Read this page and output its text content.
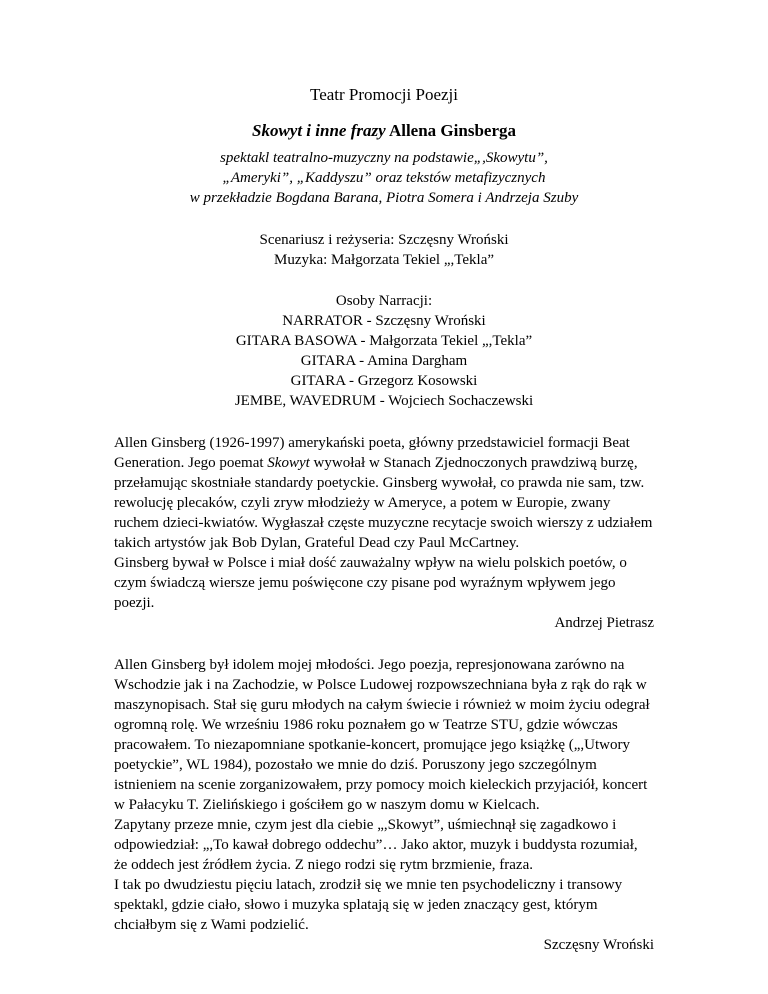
Teatr Promocji Poezji

Skowyt i inne frazy Allena Ginsberga

spektakl teatralno-muzyczny na podstawie„,Skowytu”,

„Ameryki”, „Kaddyszu” oraz tekstów metafizycznych

w przekładzie Bogdana Barana, Piotra Somera i Andrzeja Szuby

Scenariusz i reżyseria: Szczęsny Wroński
Muzyka: Małgorzata Tekiel „,Tekla”
Osoby Narracji:
NARRATOR - Szczęsny Wroński
GITARA BASOWA - Małgorzata Tekiel „,Tekla”
GITARA - Amina Dargham
GITARA - Grzegorz Kosowski
JEMBE, WAVEDRUM - Wojciech Sochaczewski

Allen Ginsberg (1926-1997) amerykański poeta, główny przedstawiciel formacji Beat Generation. Jego poemat Skowyt wywołał w Stanach Zjednoczonych prawdziwą burzę, przełamując skostniałe standardy poetyckie. Ginsberg wywołał, co prawda nie sam, tzw. rewolucję plecaków, czyli zryw młodzieży w Ameryce, a potem w Europie, zwany ruchem dzieci-kwiatów. Wygłaszał częste muzyczne recytacje swoich wierszy z udziałem takich artystów jak Bob Dylan, Grateful Dead czy Paul McCartney.

Ginsberg bywał w Polsce i miał dość zauważalny wpływ na wielu polskich poetów, o czym świadczą wiersze jemu poświęcone czy pisane pod wyraźnym wpływem jego poezji.

Andrzej Pietrasz

Allen Ginsberg był idolem mojej młodości. Jego poezja, represjonowana zarówno na Wschodzie jak i na Zachodzie, w Polsce Ludowej rozpowszechniana była z rąk do rąk w maszynopisach. Stał się guru młodych na całym świecie i również w moim życiu odegrał ogromną rolę. We wrześniu 1986 roku poznałem go w Teatrze STU, gdzie wówczas pracowałem. To niezapomniane spotkanie-koncert, promujące jego książkę („,Utwory poetyckie”, WL 1984), pozostało we mnie do dziś. Poruszony jego szczególnym istnieniem na scenie zorganizowałem, przy pomocy moich kieleckich przyjaciół, koncert w Pałacyku T. Zielińskiego i gościłem go w naszym domu w Kielcach.

Zapytany przeze mnie, czym jest dla ciebie „,Skowyt”, uśmiechnął się zagadkowo i odpowiedział: „,To kawał dobrego oddechu”… Jako aktor, muzyk i buddysta rozumiał, że oddech jest źródłem życia. Z niego rodzi się rytm brzmienie, fraza.

I tak po dwudziestu pięciu latach, zrodził się we mnie ten psychodeliczny i transowy spektakl, gdzie ciało, słowo i muzyka splatają się w jeden znaczący gest, którym chciałbym się z Wami podzielić.

Szczęsny Wroński
